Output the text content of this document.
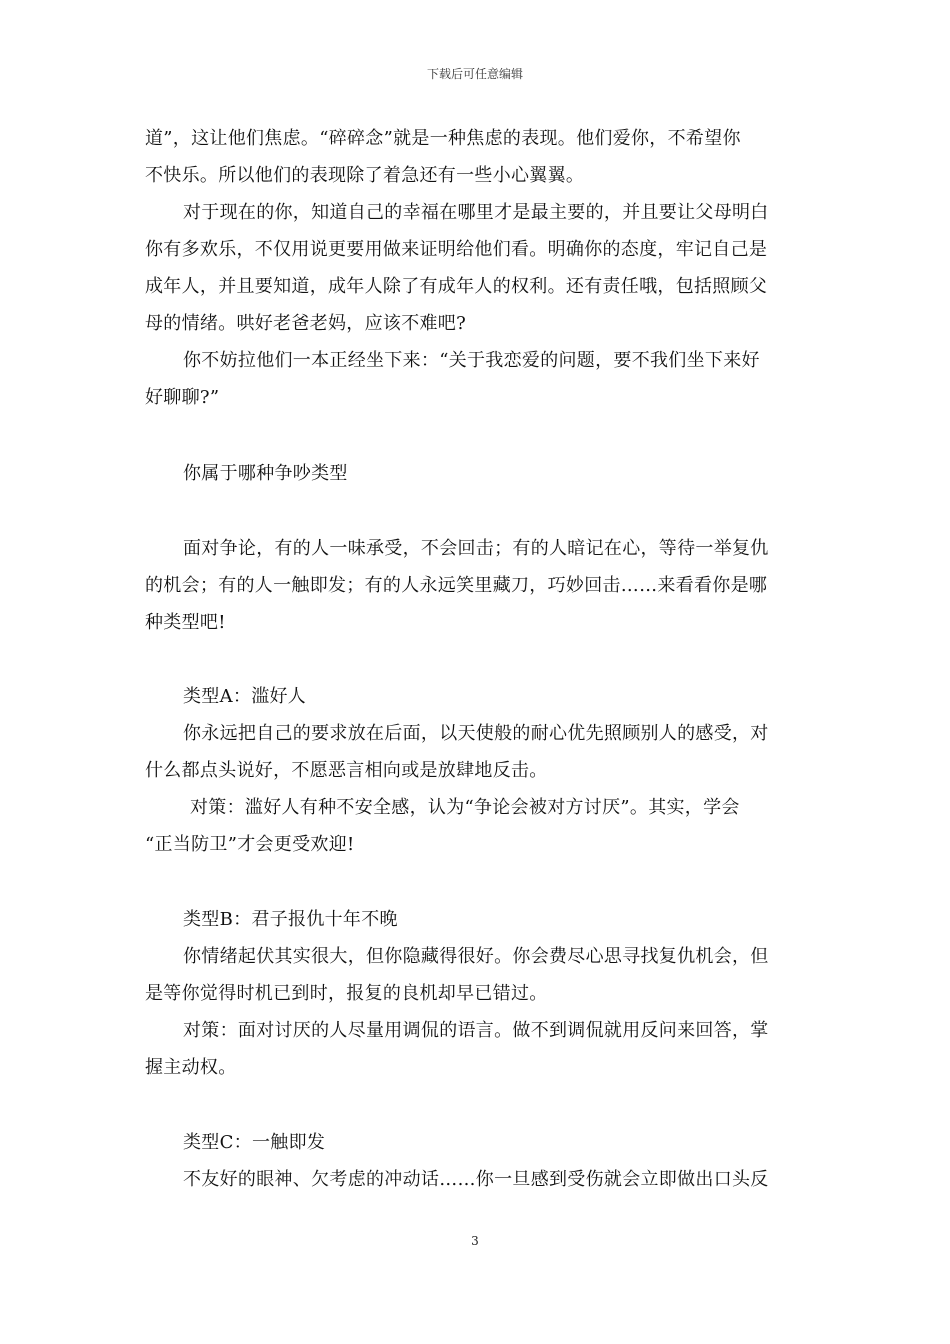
下载后可任意编辑
道”，这让他们焦虑。“碎碎念”就是一种焦虑的表现。他们爱你，不希望你
不快乐。所以他们的表现除了着急还有一些小心翼翼。
对于现在的你，知道自己的幸福在哪里才是最主要的，并且要让父母明白
你有多欢乐，不仅用说更要用做来证明给他们看。明确你的态度，牢记自己是
成年人，并且要知道，成年人除了有成年人的权利。还有责任哦，包括照顾父
母的情绪。哄好老爸老妈，应该不难吧?
你不妨拉他们一本正经坐下来：“关于我恋爱的问题，要不我们坐下来好
好聊聊?”
你属于哪种争吵类型
面对争论，有的人一味承受，不会回击；有的人暗记在心，等待一举复仇
的机会；有的人一触即发；有的人永远笑里藏刀，巧妙回击……来看看你是哪
种类型吧!
类型A：滥好人
你永远把自己的要求放在后面，以天使般的耐心优先照顾别人的感受，对
什么都点头说好，不愿恶言相向或是放肆地反击。
对策：滥好人有种不安全感，认为“争论会被对方讨厌”。其实，学会
“正当防卫”才会更受欢迎!
类型B：君子报仇十年不晚
你情绪起伏其实很大，但你隐藏得很好。你会费尽心思寻找复仇机会，但
是等你觉得时机已到时，报复的良机却早已错过。
对策：面对讨厌的人尽量用调侃的语言。做不到调侃就用反问来回答，掌
握主动权。
类型C：一触即发
不友好的眼神、欠考虑的冲动话……你一旦感到受伤就会立即做出口头反
3
